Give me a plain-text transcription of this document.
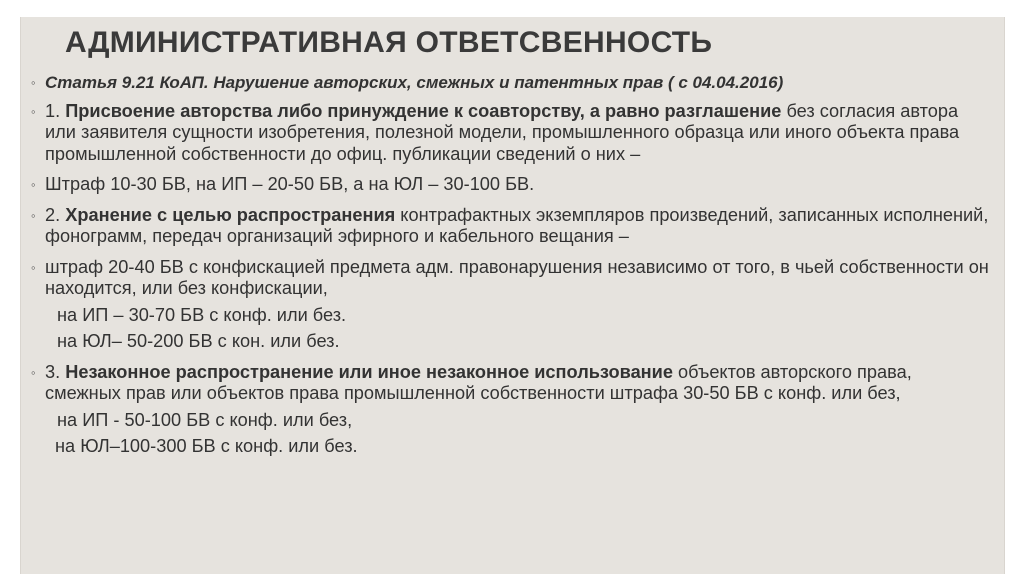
АДМИНИСТРАТИВНАЯ ОТВЕТСВЕННОСТЬ
◦ Статья 9.21 КоАП. Нарушение авторских, смежных и патентных прав ( с 04.04.2016)
◦ 1. Присвоение авторства либо принуждение к соавторству, а равно разглашение без согласия автора или заявителя сущности изобретения, полезной модели, промышленного образца или иного объекта права промышленной собственности до офиц. публикации сведений о них –
◦ Штраф 10-30 БВ, на ИП – 20-50 БВ, а на ЮЛ – 30-100 БВ.
◦ 2. Хранение с целью распространения контрафактных экземпляров произведений, записанных исполнений, фонограмм, передач организаций эфирного и кабельного вещания –
◦ штраф 20-40 БВ с конфискацией предмета адм. правонарушения независимо от того, в чьей собственности он находится, или без конфискации,
на ИП – 30-70 БВ с конф. или без.
на ЮЛ– 50-200 БВ с кон. или без.
◦ 3. Незаконное распространение или иное незаконное использование объектов авторского права, смежных прав или объектов права промышленной собственности штрафа 30-50 БВ с конф. или без,
на ИП - 50-100 БВ с конф. или без,
на ЮЛ–100-300 БВ с конф. или без.
